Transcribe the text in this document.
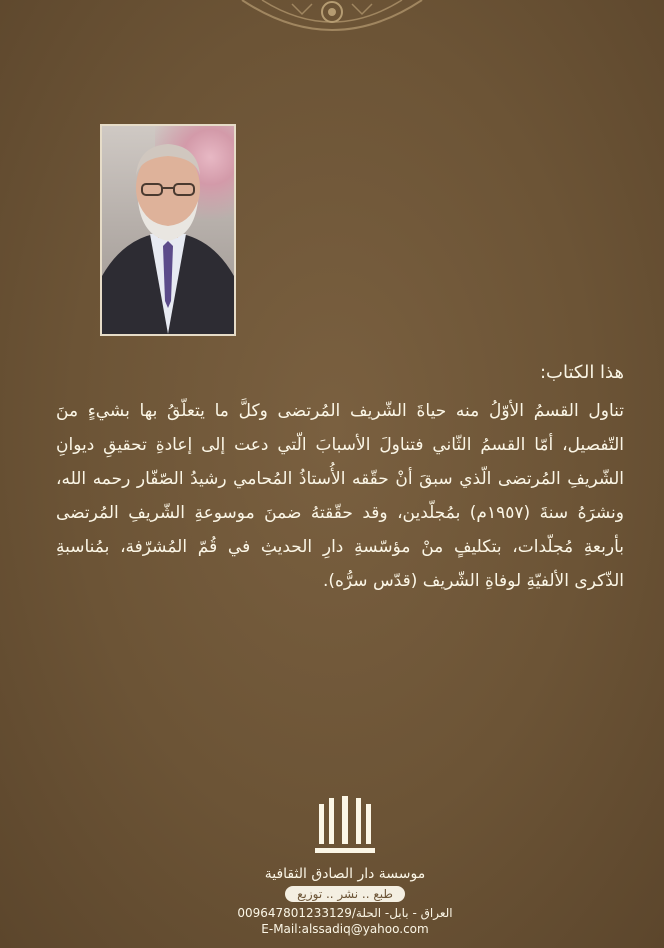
هذا الكتاب:
تناول القسمُ الأوّلُ منه حياةَ الشّريف المُرتضى وكلَّ ما يتعلّقُ بها بشيءٍ منَ التّفصيل، أمّا القسمُ الثّاني فتناولَ الأسبابَ الّتي دعت إلى إعادةِ تحقيقِ ديوانِ الشّريفِ المُرتضى الّذي سبقَ أنْ حقّقه الأُستاذُ المُحامي رشيدُ الصّفّار رحمه الله، ونشرَهُ سنةَ (١٩٥٧م) بمُجلّدين، وقد حقّقتهُ ضمنَ موسوعةِ الشّريفِ المُرتضى بأربعةِ مُجلّدات، بتكليفٍ منْ مؤسّسةِ دارِ الحديثِ في قُمّ المُشرّفة، بمُناسبةِ الذّكرى الألفيّةِ لوفاةِ الشّريف (قدّس سرُّه).
موسسة دار الصادق الثقافية
طبع .. نشر .. توزيع
العراق - بابل- الحلة/009647801233129
E-Mail:alssadiq@yahoo.com
